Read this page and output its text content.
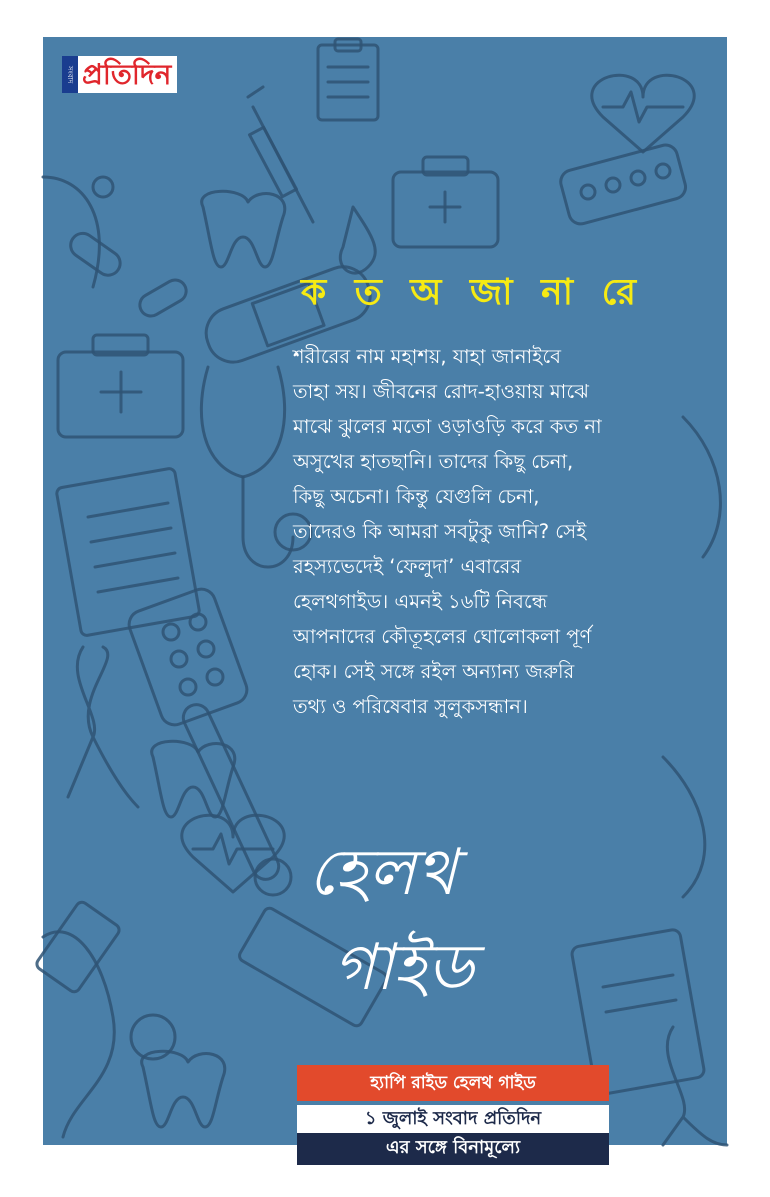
সংবাদ প্রতিদিন
ক ত অ জা না রে

শরীরের নাম মহাশয়, যাহা জানাইবে

তাহা সয়। জীবনের রোদ-হাওয়ায় মাঝে

মাঝে ঝুলের মতো ওড়াওড়ি করে কত না

অসুখের হাতছানি। তাদের কিছু চেনা,

কিছু অচেনা। কিন্তু যেগুলি চেনা,

তাদেরও কি আমরা সবটুকু জানি? সেই

রহস্যভেদেই ‘ফেলুদা’ এবারের

হেলথগাইড। এমনই ১৬টি নিবন্ধে

আপনাদের কৌতূহলের ঘোলোকলা পূর্ণ

হোক। সেই সঙ্গে রইল অন্যান্য জরুরি

তথ্য ও পরিষেবার সুলুকসন্ধান।

হেলথ
গাইড
হ্যাপি রাইড হেলথ গাইড
১ জুলাই সংবাদ প্রতিদিন
এর সঙ্গে বিনামূল্যে
